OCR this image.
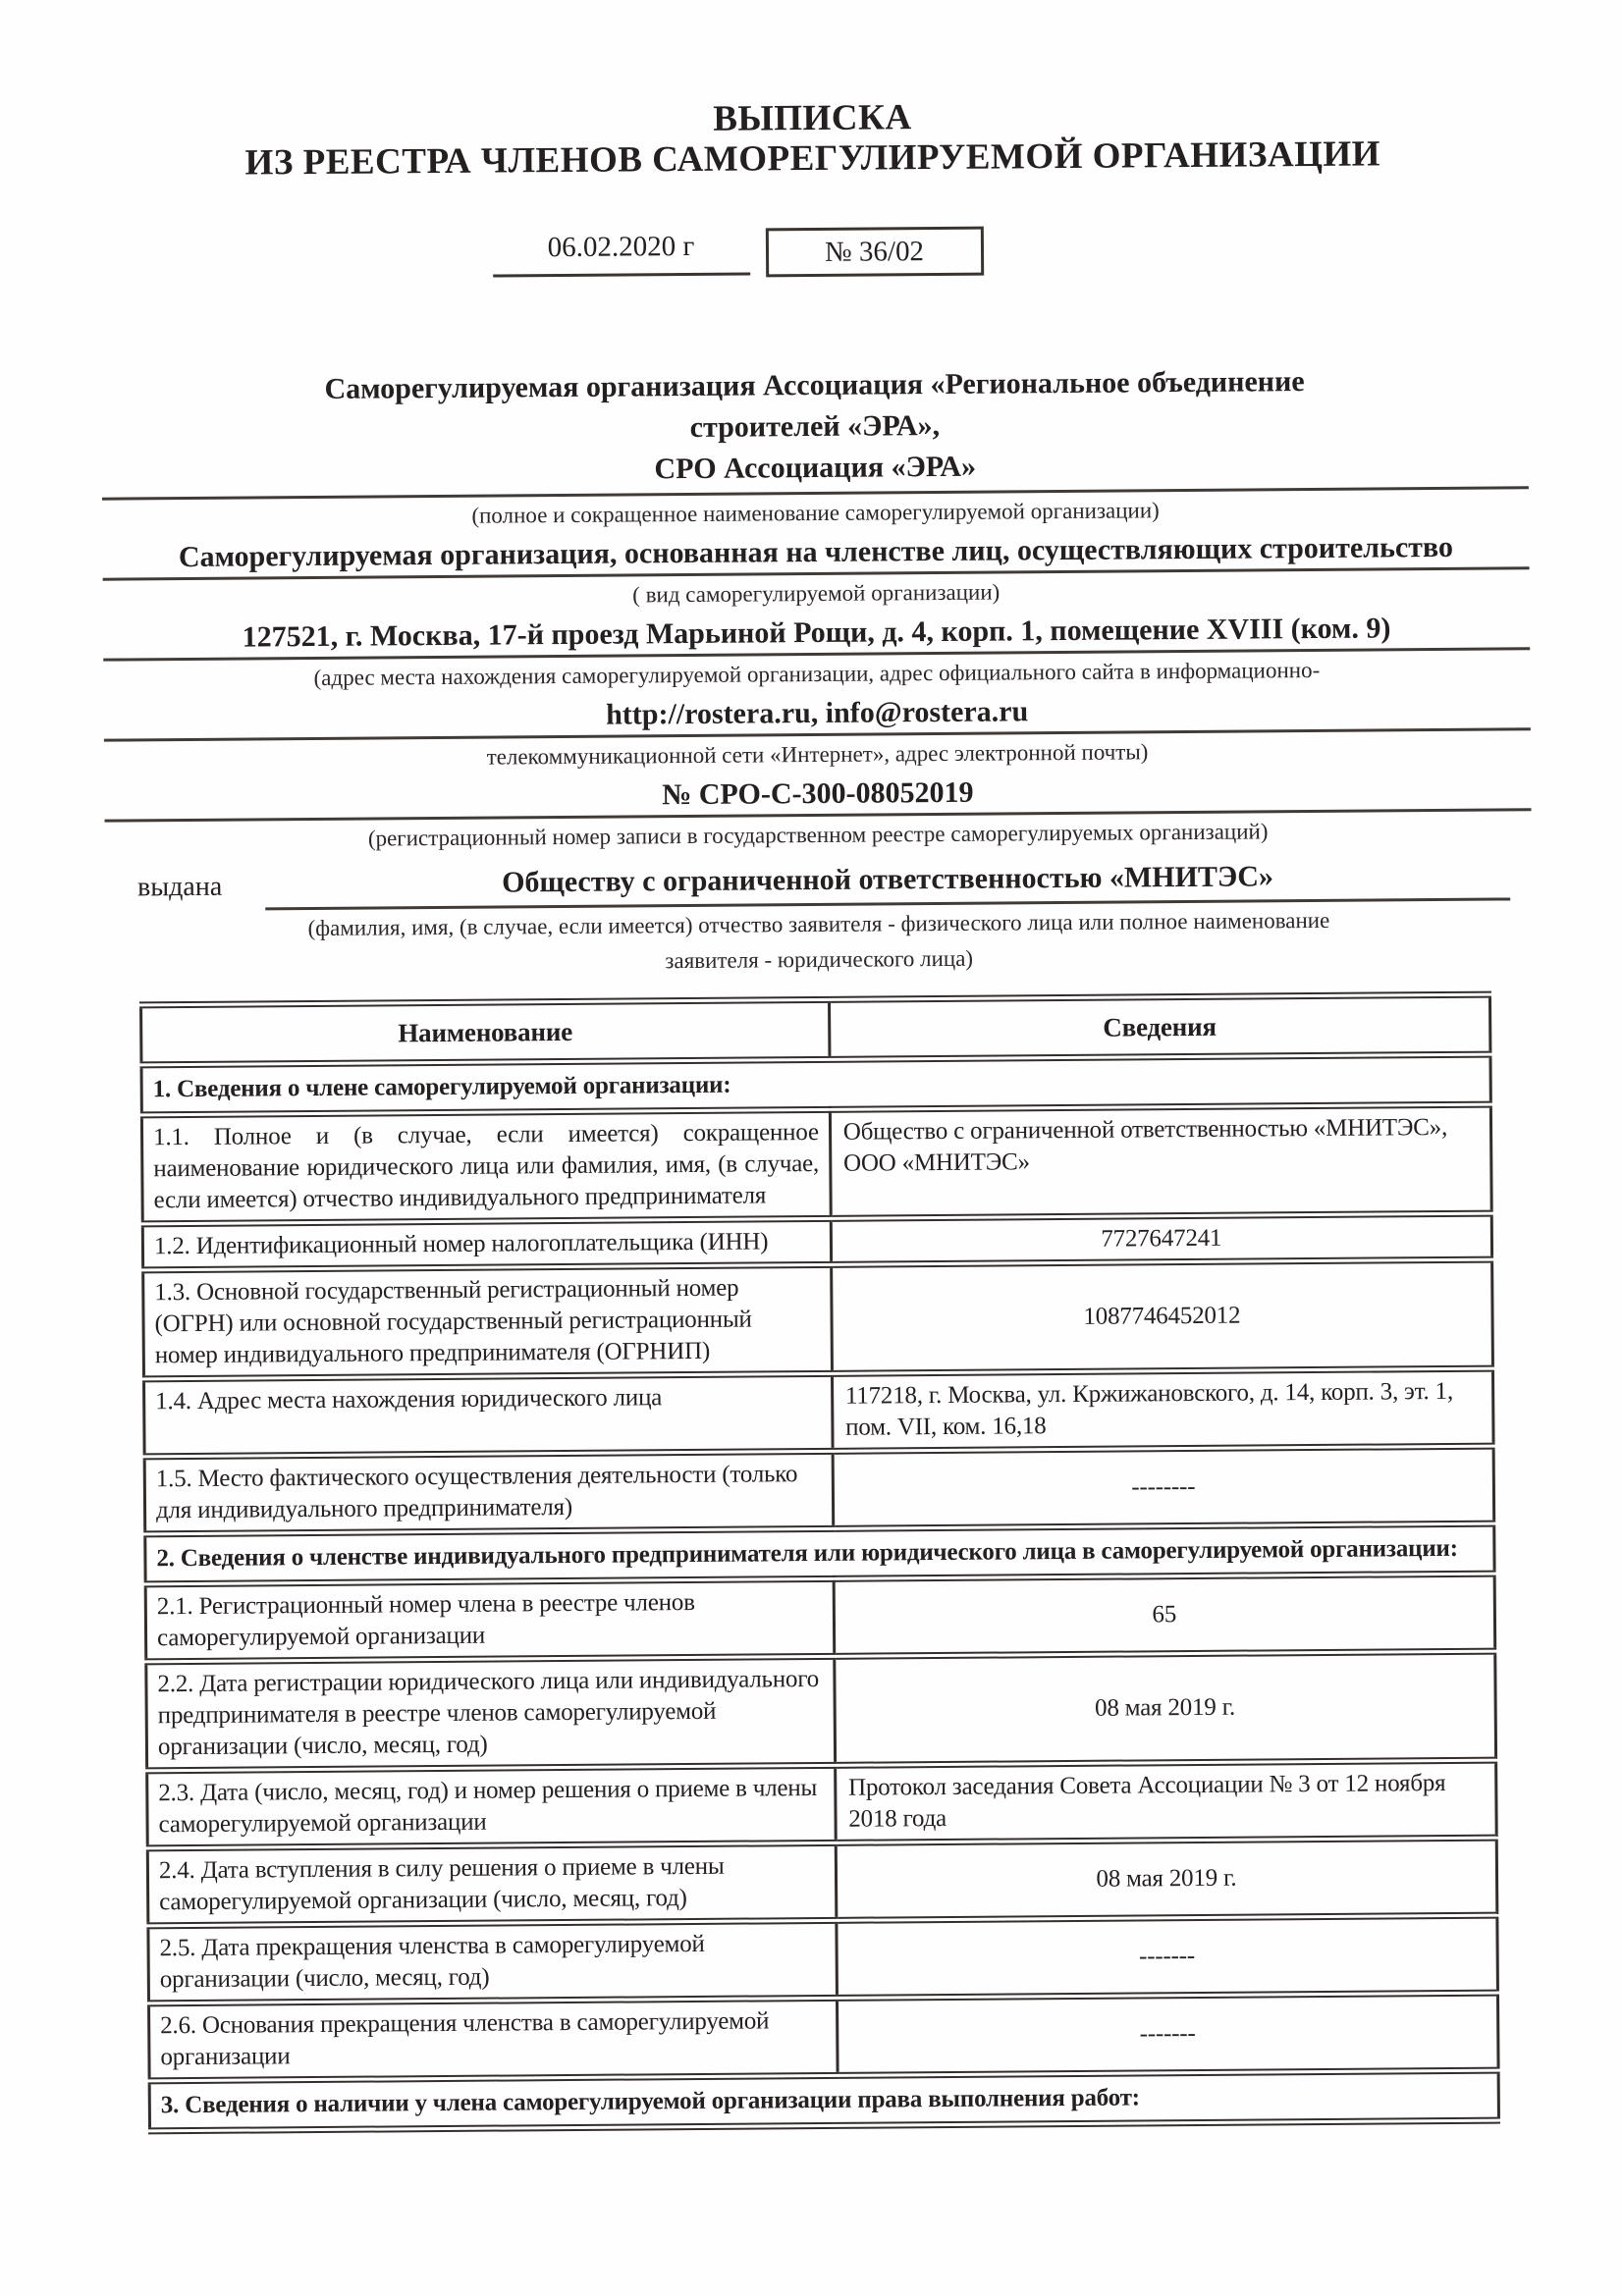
ВЫПИСКА
ИЗ РЕЕСТРА ЧЛЕНОВ САМОРЕГУЛИРУЕМОЙ ОРГАНИЗАЦИИ
06.02.2020 г	№ 36/02
Саморегулируемая организация Ассоциация «Региональное объединение
строителей «ЭРА»,
СРО Ассоциация «ЭРА»
(полное и сокращенное наименование саморегулируемой организации)
Саморегулируемая организация, основанная на членстве лиц, осуществляющих строительство
( вид саморегулируемой организации)
127521, г. Москва, 17-й проезд Марьиной Рощи, д. 4, корп. 1, помещение XVIII (ком. 9)
(адрес места нахождения саморегулируемой организации, адрес официального сайта в информационно-
http://rostera.ru, info@rostera.ru
телекоммуникационной сети «Интернет», адрес электронной почты)
№ СРО-С-300-08052019
(регистрационный номер записи в государственном реестре саморегулируемых организаций)
выдана	Обществу с ограниченной ответственностью «МНИТЭС»
(фамилия, имя, (в случае, если имеется) отчество заявителя - физического лица или полное наименование
заявителя - юридического лица)
Наименование	Сведения
1. Сведения о члене саморегулируемой организации:	
1.1. Полное и (в случае, если имеется) сокращенное наименование юридического лица или фамилия, имя, (в случае, если имеется) отчество индивидуального предпринимателя	Общество с ограниченной ответственностью «МНИТЭС», ООО «МНИТЭС»
1.2. Идентификационный номер налогоплательщика (ИНН)	7727647241
1.3. Основной государственный регистрационный номер (ОГРН) или основной государственный регистрационный номер индивидуального предпринимателя (ОГРНИП)	1087746452012
1.4. Адрес места нахождения юридического лица	117218, г. Москва, ул. Кржижановского, д. 14, корп. 3, эт. 1, пом. VII, ком. 16,18
1.5. Место фактического осуществления деятельности (только для индивидуального предпринимателя)	--------
2. Сведения о членстве индивидуального предпринимателя или юридического лица в саморегулируемой организации:	
2.1. Регистрационный номер члена в реестре членов саморегулируемой организации	65
2.2. Дата регистрации юридического лица или индивидуального предпринимателя в реестре членов саморегулируемой организации (число, месяц, год)	08 мая 2019 г.
2.3. Дата (число, месяц, год) и номер решения о приеме в члены саморегулируемой организации	Протокол заседания Совета Ассоциации № 3 от 12 ноября 2018 года
2.4. Дата вступления в силу решения о приеме в члены саморегулируемой организации (число, месяц, год)	08 мая 2019 г.
2.5. Дата прекращения членства в саморегулируемой организации (число, месяц, год)	-------
2.6. Основания прекращения членства в саморегулируемой организации	-------
3. Сведения о наличии у члена саморегулируемой организации права выполнения работ:	
